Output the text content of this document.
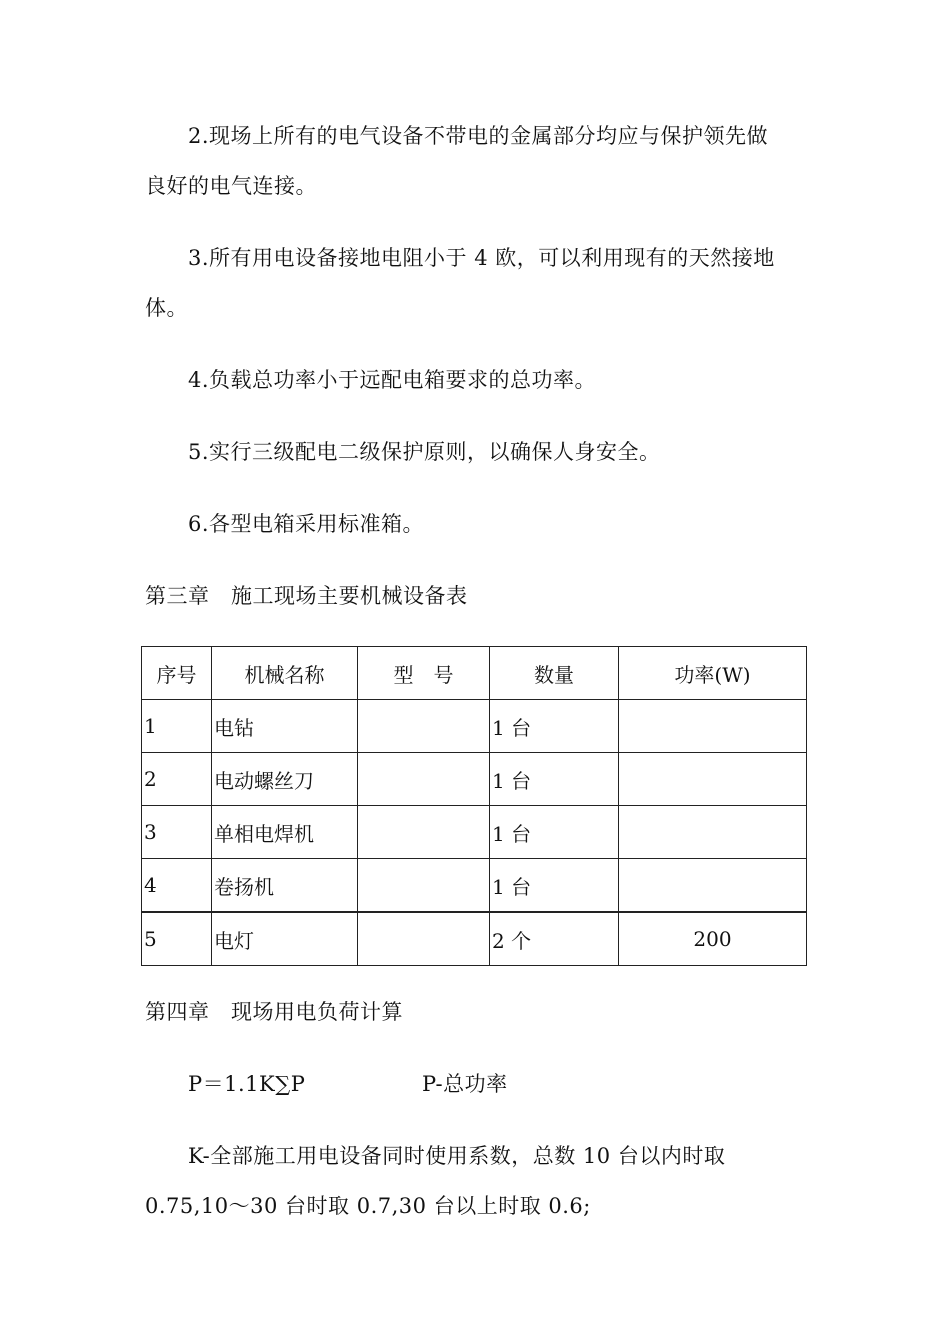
2.现场上所有的电气设备不带电的金属部分均应与保护领先做
良好的电气连接。
3.所有用电设备接地电阻小于 4 欧，可以利用现有的天然接地
体。
4.负载总功率小于远配电箱要求的总功率。
5.实行三级配电二级保护原则，以确保人身安全。
6.各型电箱采用标准箱。
第三章　施工现场主要机械设备表
序号	机械名称	型　号	数量	功率(W)
1	电钻		1 台	
2	电动螺丝刀		1 台	
3	单相电焊机		1 台	
4	卷扬机		1 台	
5	电灯		2 个	200
第四章　现场用电负荷计算
P＝1.1K∑P	P-总功率
K-全部施工用电设备同时使用系数，总数 10 台以内时取
0.75,10～30 台时取 0.7,30 台以上时取 0.6;
